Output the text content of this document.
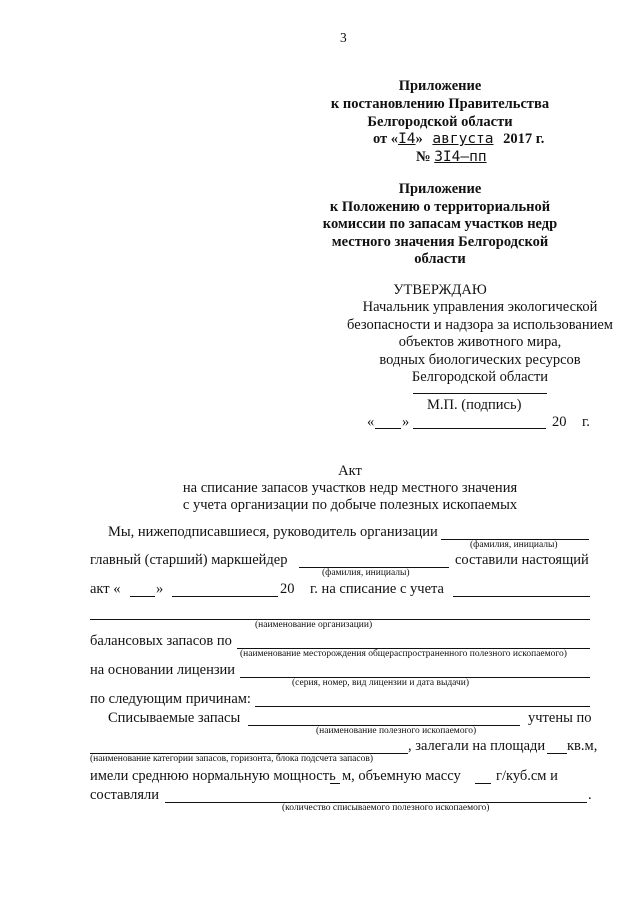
3
Приложение
к постановлению Правительства
Белгородской области
от «I4» августа 2017 г.
№ 3I4–пп
Приложение
к Положению о территориальной
комиссии по запасам участков недр
местного значения Белгородской
области
УТВЕРЖДАЮ
Начальник управления экологической
безопасности и надзора за использованием
объектов животного мира,
водных биологических ресурсов
Белгородской области
М.П. (подпись)
« »	20 г.
Акт
на списание запасов участков недр местного значения
с учета организации по добыче полезных ископаемых
Мы, нижеподписавшиеся, руководитель организации
(фамилия, инициалы)
главный (старший) маркшейдер	составили настоящий
(фамилия, инициалы)
акт « »	20 г. на списание с учета
(наименование организации)
балансовых запасов по
(наименование месторождения общераспространенного полезного ископаемого)
на основании лицензии
(серия, номер, вид лицензии и дата выдачи)
по следующим причинам:
Списываемые запасы	учтены по
(наименование полезного ископаемого)
, залегали на площади кв.м,
(наименование категории запасов, горизонта, блока подсчета запасов)
имели среднюю нормальную мощность м, объемную массу г/куб.см и
составляли	.
(количество списываемого полезного ископаемого)
